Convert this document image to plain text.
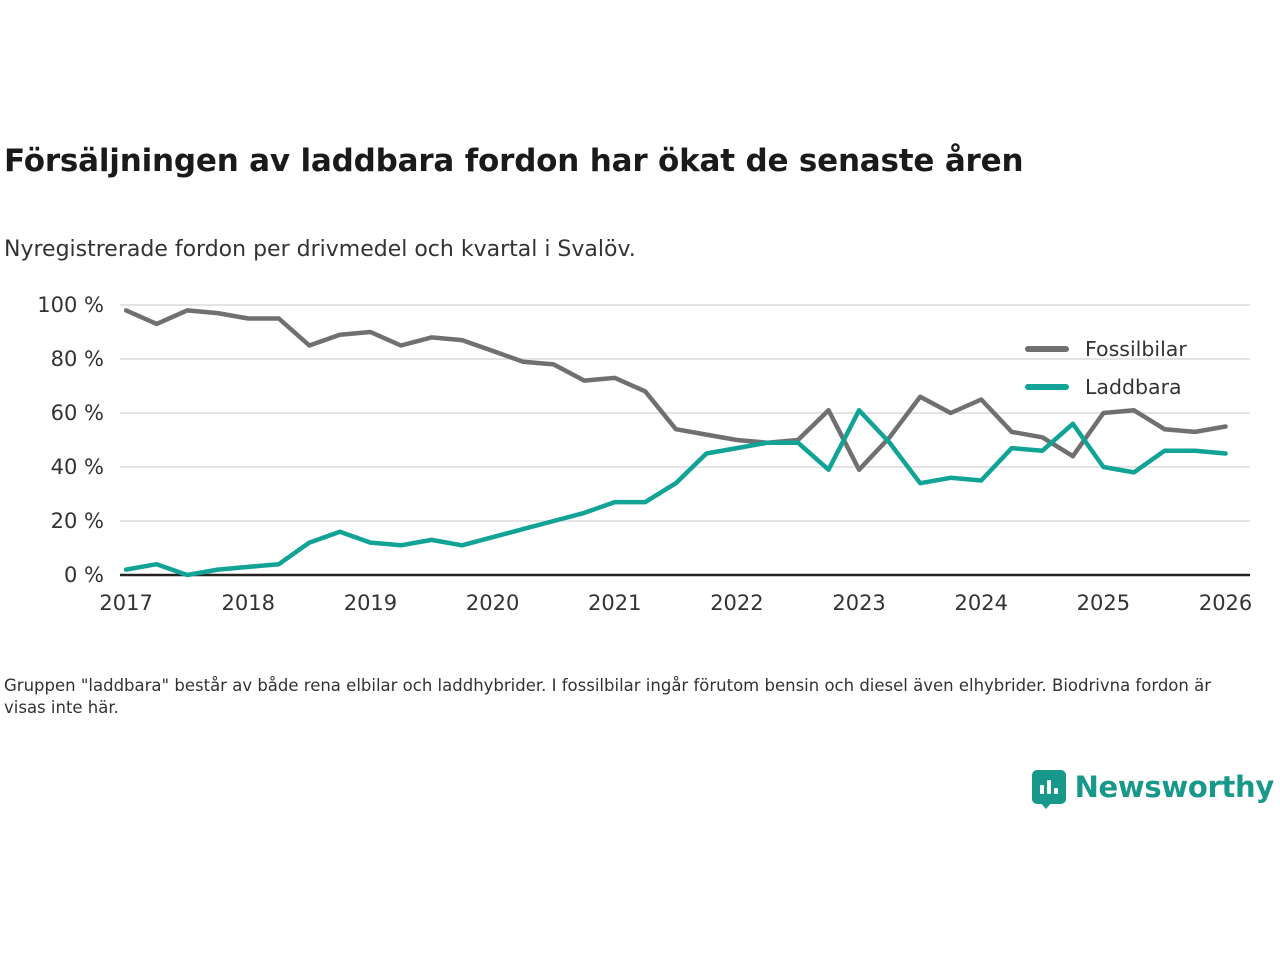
Försäljningen av laddbara fordon har ökat de senaste åren
Nyregistrerade fordon per drivmedel och kvartal i Svalöv.
0 %
20 %
40 %
60 %
80 %
100 %
2017	2018	2019	2020	2021	2022	2023	2024	2025	2026
Fossilbilar
Laddbara
Gruppen "laddbara" består av både rena elbilar och laddhybrider. I fossilbilar ingår förutom bensin och diesel även elhybrider. Biodrivna fordon är visas inte här.
Newsworthy
